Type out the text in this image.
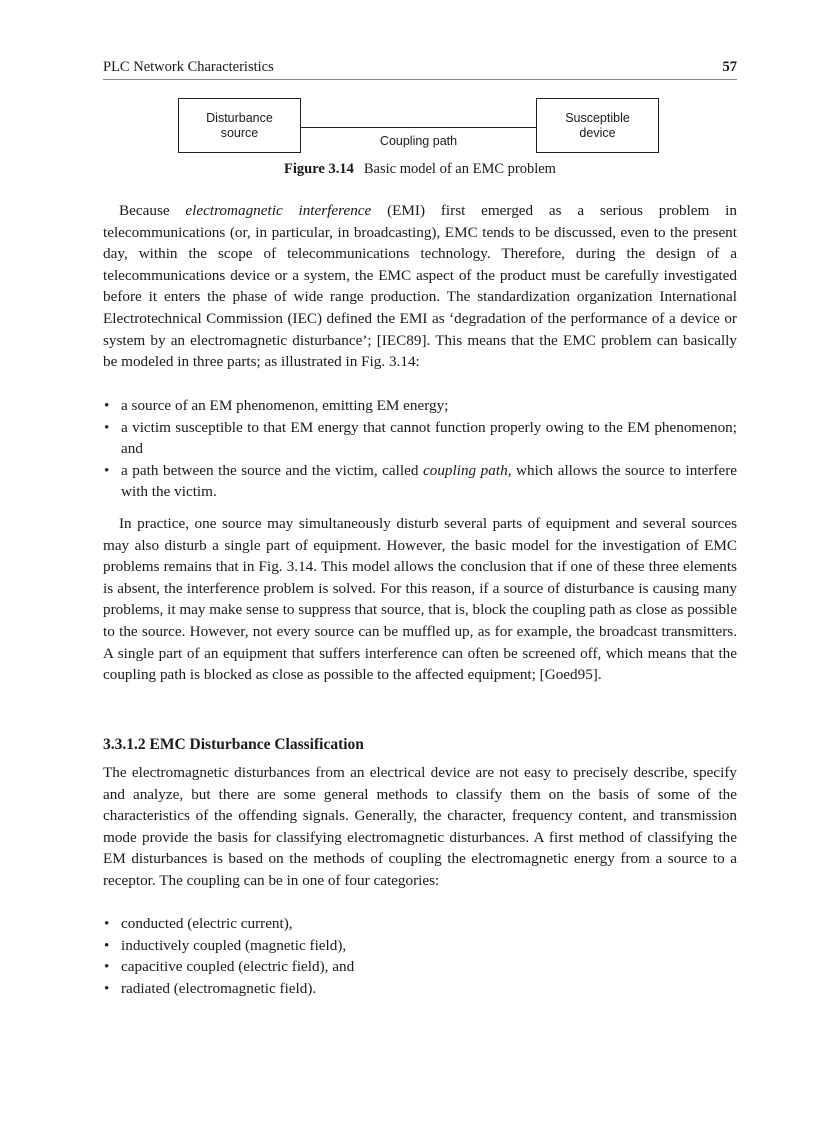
PLC Network Characteristics	57
Disturbance
source
Coupling path
Susceptible
device
Figure 3.14 Basic model of an EMC problem

Because electromagnetic interference (EMI) first emerged as a serious problem in telecommunications (or, in particular, in broadcasting), EMC tends to be discussed, even to the present day, within the scope of telecommunications technology. Therefore, during the design of a telecommunications device or a system, the EMC aspect of the product must be carefully investigated before it enters the phase of wide range production. The standardization organization International Electrotechnical Commission (IEC) defined the EMI as ‘degradation of the performance of a device or system by an electromagnetic disturbance’; [IEC89]. This means that the EMC problem can basically be modeled in three parts; as illustrated in Fig. 3.14:

• a source of an EM phenomenon, emitting EM energy;
• a victim susceptible to that EM energy that cannot function properly owing to the EM phenomenon; and
• a path between the source and the victim, called coupling path, which allows the source to interfere with the victim.

In practice, one source may simultaneously disturb several parts of equipment and several sources may also disturb a single part of equipment. However, the basic model for the investigation of EMC problems remains that in Fig. 3.14. This model allows the conclusion that if one of these three elements is absent, the interference problem is solved. For this reason, if a source of disturbance is causing many problems, it may make sense to suppress that source, that is, block the coupling path as close as possible to the source. However, not every source can be muffled up, as for example, the broadcast transmitters. A single part of an equipment that suffers interference can often be screened off, which means that the coupling path is blocked as close as possible to the affected equipment; [Goed95].

3.3.1.2 EMC Disturbance Classification

The electromagnetic disturbances from an electrical device are not easy to precisely describe, specify and analyze, but there are some general methods to classify them on the basis of some of the characteristics of the offending signals. Generally, the character, frequency content, and transmission mode provide the basis for classifying electromagnetic disturbances. A first method of classifying the EM disturbances is based on the methods of coupling the electromagnetic energy from a source to a receptor. The coupling can be in one of four categories:

• conducted (electric current),
• inductively coupled (magnetic field),
• capacitive coupled (electric field), and
• radiated (electromagnetic field).
